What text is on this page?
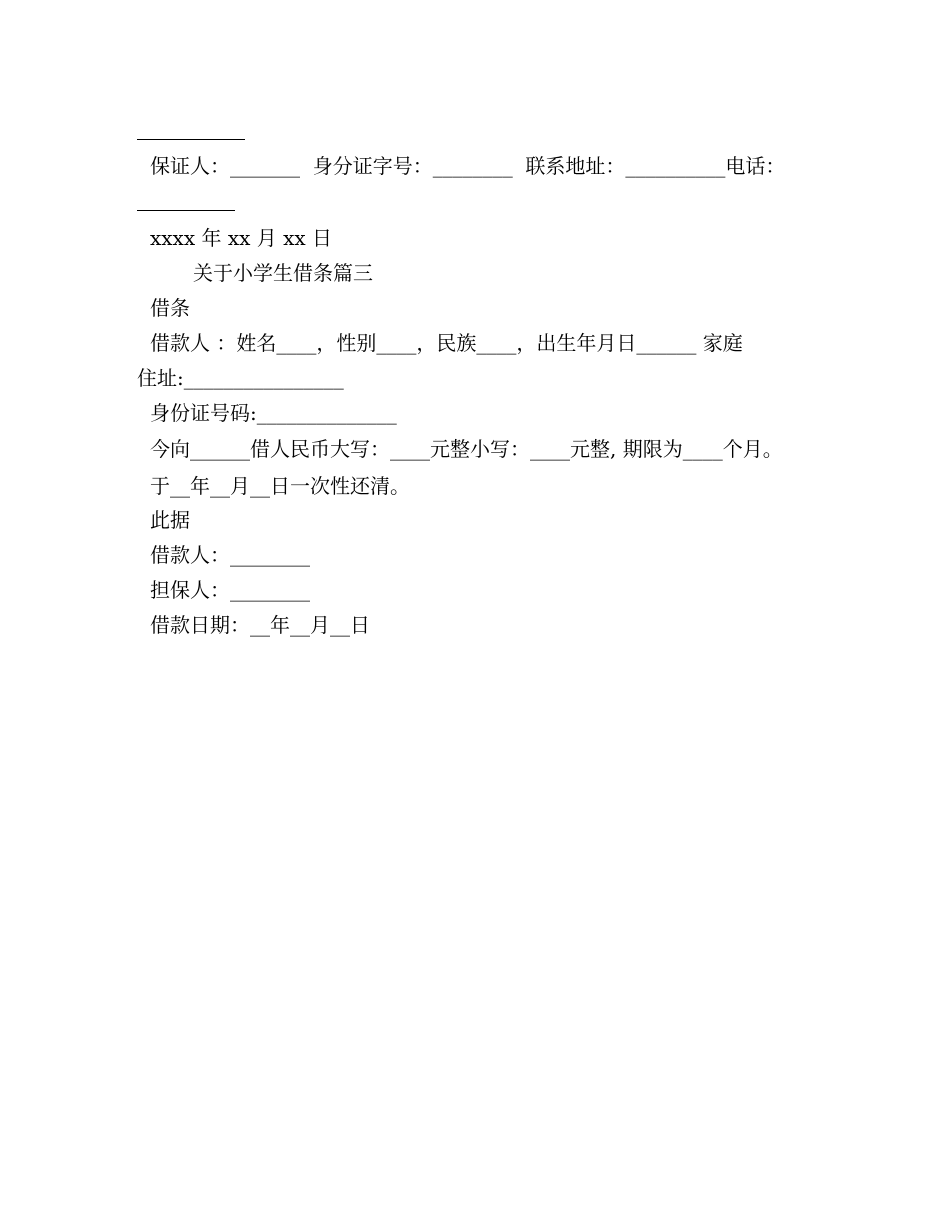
保证人：_______  身分证字号：________  联系地址：__________电话：
xxxx 年 xx 月 xx 日
关于小学生借条篇三
借条
借款人 ：姓名____，性别____，民族____，出生年月日______ 家庭
住址:________________
身份证号码:______________
今向______借人民币大写：____元整小写：____元整, 期限为____个月。
于__年__月__日一次性还清。
此据
借款人：________
担保人：________
借款日期：__年__月__日
